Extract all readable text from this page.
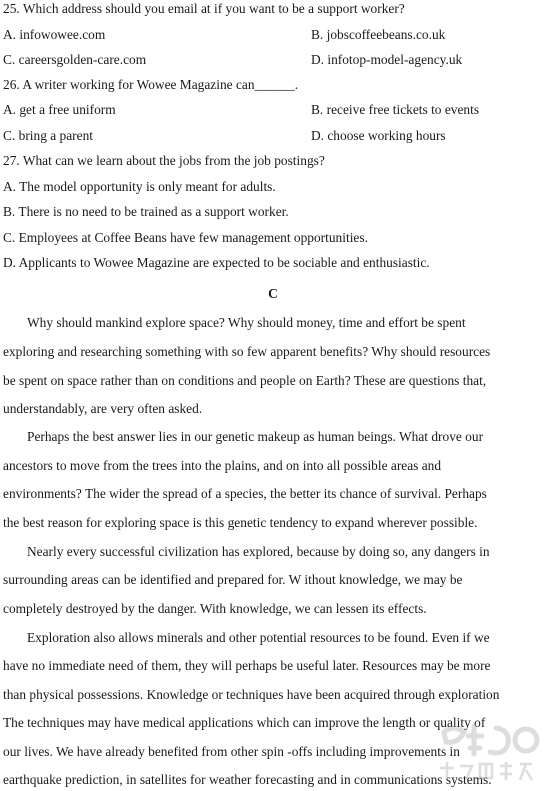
25. Which address should you email at if you want to be a support worker?
A. infowowee.com	B. jobscoffeebeans.co.uk
C. careersgolden-care.com	D. infotop-model-agency.uk
26. A writer working for Wowee Magazine can______.
A. get a free uniform	B. receive free tickets to events
C. bring a parent	D. choose working hours
27. What can we learn about the jobs from the job postings?
A. The model opportunity is only meant for adults.
B. There is no need to be trained as a support worker.
C. Employees at Coffee Beans have few management opportunities.
D. Applicants to Wowee Magazine are expected to be sociable and enthusiastic.
C
Why should mankind explore space? Why should money, time and effort be spent
exploring and researching something with so few apparent benefits? Why should resources
be spent on space rather than on conditions and people on Earth? These are questions that,
understandably, are very often asked.
Perhaps the best answer lies in our genetic makeup as human beings. What drove our
ancestors to move from the trees into the plains, and on into all possible areas and
environments? The wider the spread of a species, the better its chance of survival. Perhaps
the best reason for exploring space is this genetic tendency to expand wherever possible.
Nearly every successful civilization has explored, because by doing so, any dangers in
surrounding areas can be identified and prepared for. W ithout knowledge, we may be
completely destroyed by the danger. With knowledge, we can lessen its effects.
Exploration also allows minerals and other potential resources to be found. Even if we
have no immediate need of them, they will perhaps be useful later. Resources may be more
than physical possessions. Knowledge or techniques have been acquired through exploration
The techniques may have medical applications which can improve the length or quality of
our lives. We have already benefited from other spin -offs including improvements in
earthquake prediction, in satellites for weather forecasting and in communications systems.
